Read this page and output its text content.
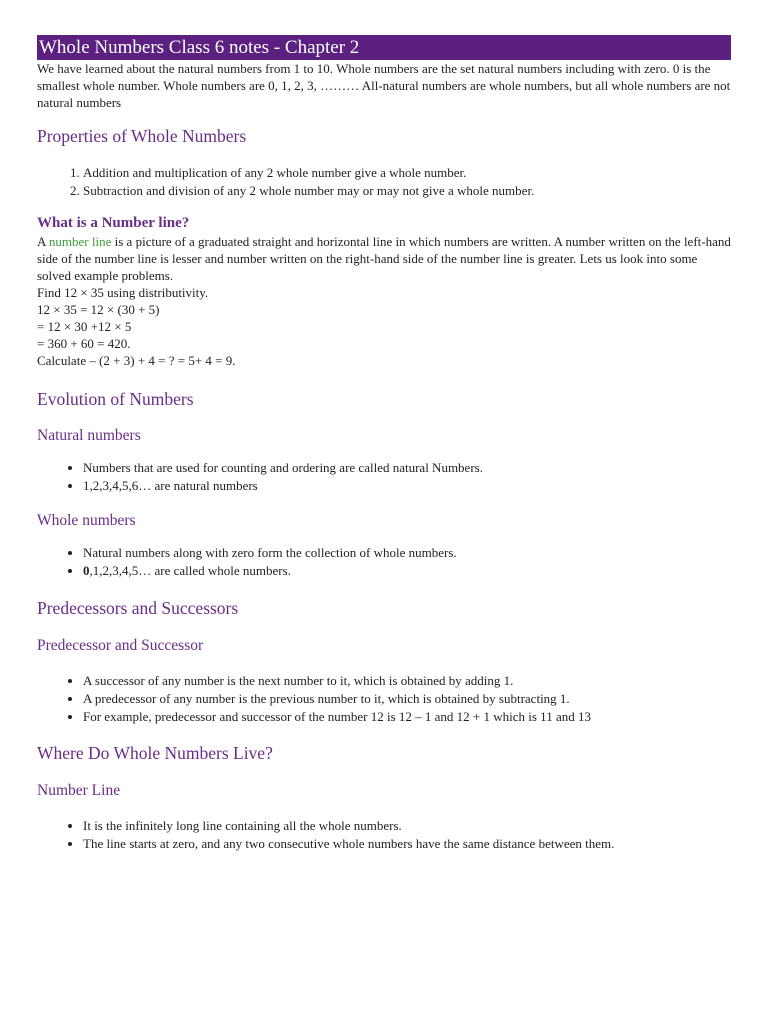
Whole Numbers Class 6 notes - Chapter 2

We have learned about the natural numbers from 1 to 10. Whole numbers are the set natural numbers including with zero. 0 is the smallest whole number. Whole numbers are 0, 1, 2, 3, ……… All-natural numbers are whole numbers, but all whole numbers are not natural numbers

Properties of Whole Numbers
1. Addition and multiplication of any 2 whole number give a whole number.
2. Subtraction and division of any 2 whole number may or may not give a whole number.
What is a Number line?

A number line is a picture of a graduated straight and horizontal line in which numbers are written. A number written on the left-hand side of the number line is lesser and number written on the right-hand side of the number line is greater. Lets us look into some solved example problems.

Find 12 × 35 using distributivity.

12 × 35 = 12 × (30 + 5)

= 12 × 30 +12 × 5

= 360 + 60 = 420.

Calculate – (2 + 3) + 4 = ? = 5+ 4 = 9.

Evolution of Numbers
Natural numbers
• Numbers that are used for counting and ordering are called natural Numbers.
• 1,2,3,4,5,6… are natural numbers
Whole numbers
• Natural numbers along with zero form the collection of whole numbers.
• 0,1,2,3,4,5… are called whole numbers.
Predecessors and Successors
Predecessor and Successor
• A successor of any number is the next number to it, which is obtained by adding 1.
• A predecessor of any number is the previous number to it, which is obtained by subtracting 1.
• For example, predecessor and successor of the number 12 is 12 – 1 and 12 + 1 which is 11 and 13
Where Do Whole Numbers Live?
Number Line
• It is the infinitely long line containing all the whole numbers.
• The line starts at zero, and any two consecutive whole numbers have the same distance between them.
